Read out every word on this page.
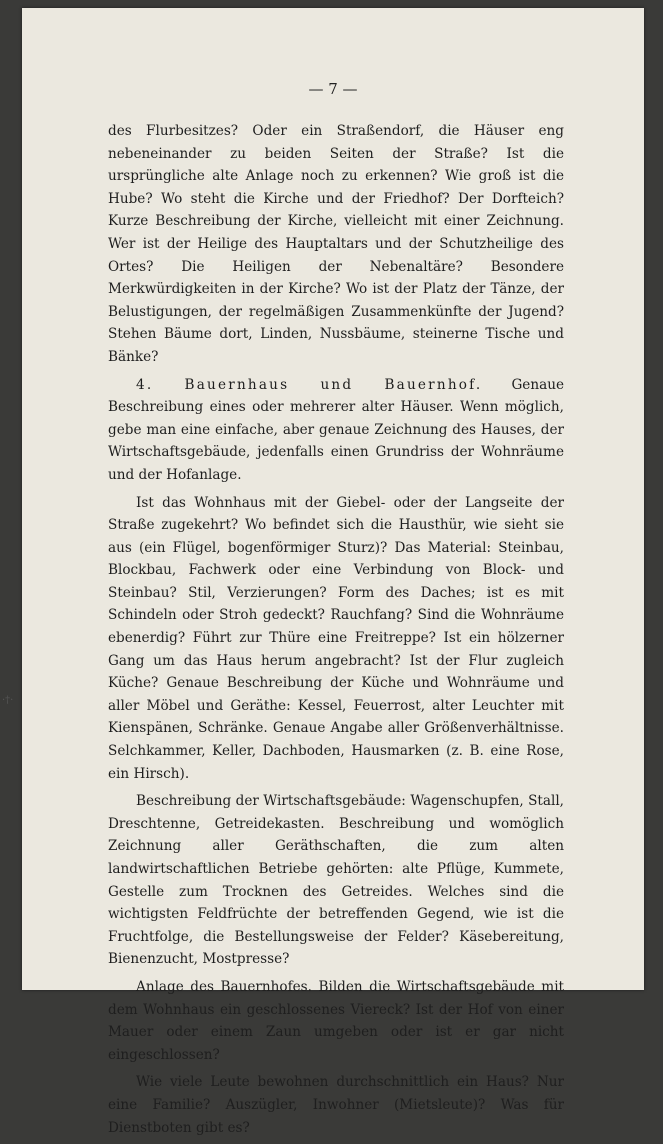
— 7 —

des Flurbesitzes? Oder ein Straßendorf, die Häuser eng nebeneinander zu beiden Seiten der Straße? Ist die ursprüngliche alte Anlage noch zu erkennen? Wie groß ist die Hube? Wo steht die Kirche und der Friedhof? Der Dorfteich? Kurze Beschreibung der Kirche, vielleicht mit einer Zeichnung. Wer ist der Heilige des Hauptaltars und der Schutzheilige des Ortes? Die Heiligen der Nebenaltäre? Besondere Merkwürdigkeiten in der Kirche? Wo ist der Platz der Tänze, der Belustigungen, der regelmäßigen Zusammenkünfte der Jugend? Stehen Bäume dort, Linden, Nussbäume, steinerne Tische und Bänke?

4. Bauernhaus und Bauernhof. Genaue Beschreibung eines oder mehrerer alter Häuser. Wenn möglich, gebe man eine einfache, aber genaue Zeichnung des Hauses, der Wirtschaftsgebäude, jedenfalls einen Grundriss der Wohnräume und der Hofanlage.

Ist das Wohnhaus mit der Giebel- oder der Langseite der Straße zugekehrt? Wo befindet sich die Hausthür, wie sieht sie aus (ein Flügel, bogenförmiger Sturz)? Das Material: Steinbau, Blockbau, Fachwerk oder eine Verbindung von Block- und Steinbau? Stil, Verzierungen? Form des Daches; ist es mit Schindeln oder Stroh gedeckt? Rauchfang? Sind die Wohnräume ebenerdig? Führt zur Thüre eine Freitreppe? Ist ein hölzerner Gang um das Haus herum angebracht? Ist der Flur zugleich Küche? Genaue Beschreibung der Küche und Wohnräume und aller Möbel und Geräthe: Kessel, Feuerrost, alter Leuchter mit Kienspänen, Schränke. Genaue Angabe aller Größenverhältnisse. Selchkammer, Keller, Dachboden, Hausmarken (z. B. eine Rose, ein Hirsch).

Beschreibung der Wirtschaftsgebäude: Wagenschupfen, Stall, Dreschtenne, Getreidekasten. Beschreibung und womöglich Zeichnung aller Geräthschaften, die zum alten landwirtschaftlichen Betriebe gehörten: alte Pflüge, Kummete, Gestelle zum Trocknen des Getreides. Welches sind die wichtigsten Feldfrüchte der betreffenden Gegend, wie ist die Fruchtfolge, die Bestellungsweise der Felder? Käsebereitung, Bienenzucht, Mostpresse?

Anlage des Bauernhofes. Bilden die Wirtschaftsgebäude mit dem Wohnhaus ein geschlossenes Viereck? Ist der Hof von einer Mauer oder einem Zaun umgeben oder ist er gar nicht eingeschlossen?

Wie viele Leute bewohnen durchschnittlich ein Haus? Nur eine Familie? Auszügler, Inwohner (Mietsleute)? Was für Dienstboten gibt es?

·†·
